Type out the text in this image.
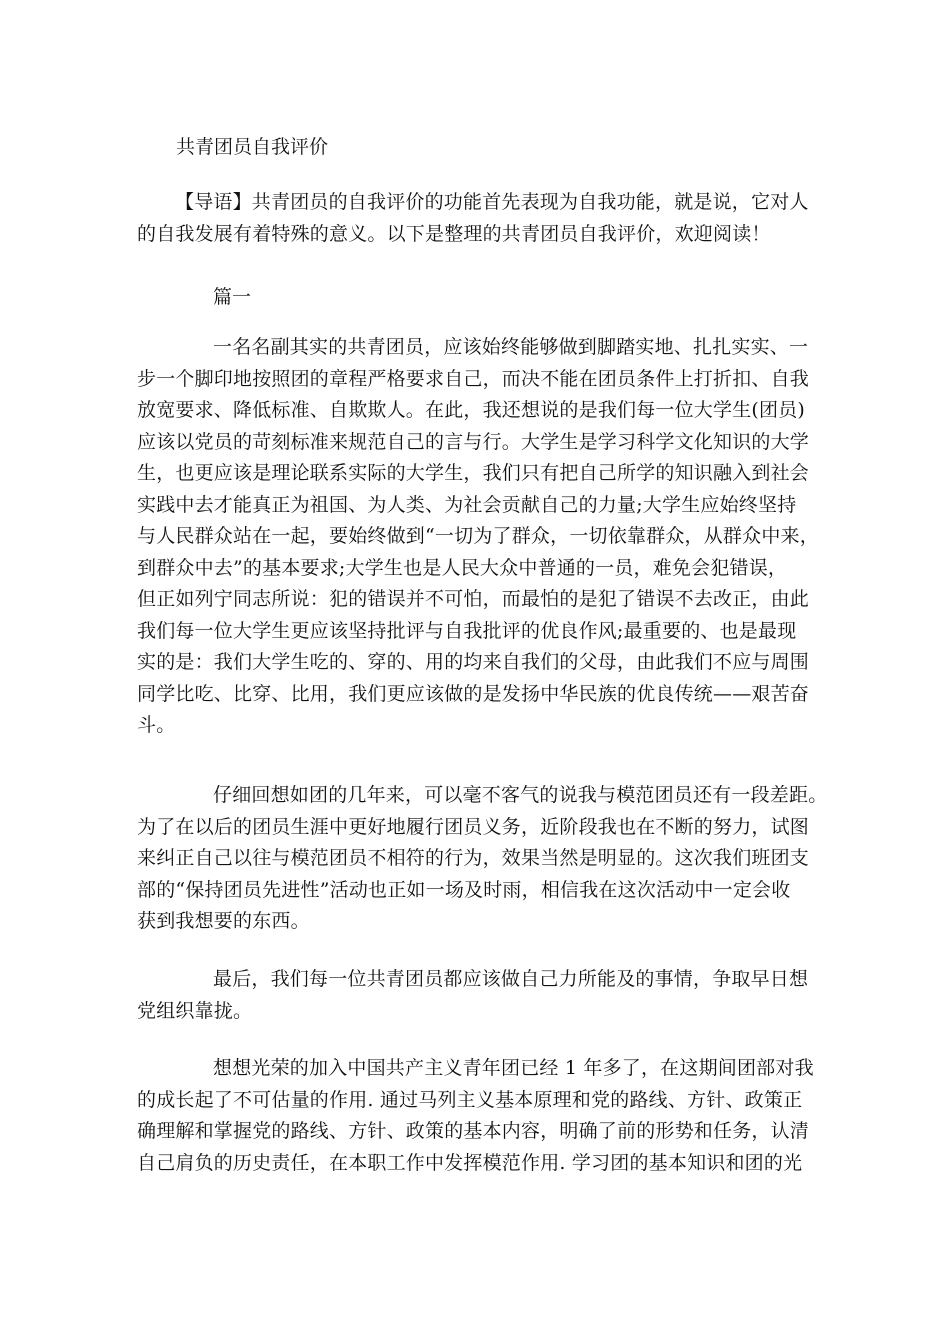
共青团员自我评价
【导语】共青团员的自我评价的功能首先表现为自我功能，就是说，它对人
的自我发展有着特殊的意义。以下是整理的共青团员自我评价，欢迎阅读！
篇一
一名名副其实的共青团员，应该始终能够做到脚踏实地、扎扎实实、一
步一个脚印地按照团的章程严格要求自己，而决不能在团员条件上打折扣、自我
放宽要求、降低标准、自欺欺人。在此，我还想说的是我们每一位大学生(团员)
应该以党员的苛刻标准来规范自己的言与行。大学生是学习科学文化知识的大学
生，也更应该是理论联系实际的大学生，我们只有把自己所学的知识融入到社会
实践中去才能真正为祖国、为人类、为社会贡献自己的力量;大学生应始终坚持
与人民群众站在一起，要始终做到“一切为了群众，一切依靠群众，从群众中来，
到群众中去”的基本要求;大学生也是人民大众中普通的一员，难免会犯错误，
但正如列宁同志所说：犯的错误并不可怕，而最怕的是犯了错误不去改正，由此
我们每一位大学生更应该坚持批评与自我批评的优良作风;最重要的、也是最现
实的是：我们大学生吃的、穿的、用的均来自我们的父母，由此我们不应与周围
同学比吃、比穿、比用，我们更应该做的是发扬中华民族的优良传统——艰苦奋
斗。
仔细回想如团的几年来，可以毫不客气的说我与模范团员还有一段差距。
为了在以后的团员生涯中更好地履行团员义务，近阶段我也在不断的努力，试图
来纠正自己以往与模范团员不相符的行为，效果当然是明显的。这次我们班团支
部的“保持团员先进性”活动也正如一场及时雨，相信我在这次活动中一定会收
获到我想要的东西。
最后，我们每一位共青团员都应该做自己力所能及的事情，争取早日想
党组织靠拢。
想想光荣的加入中国共产主义青年团已经 1 年多了，在这期间团部对我
的成长起了不可估量的作用. 通过马列主义基本原理和党的路线、方针、政策正
确理解和掌握党的路线、方针、政策的基本内容，明确了前的形势和任务，认清
自己肩负的历史责任，在本职工作中发挥模范作用. 学习团的基本知识和团的光
